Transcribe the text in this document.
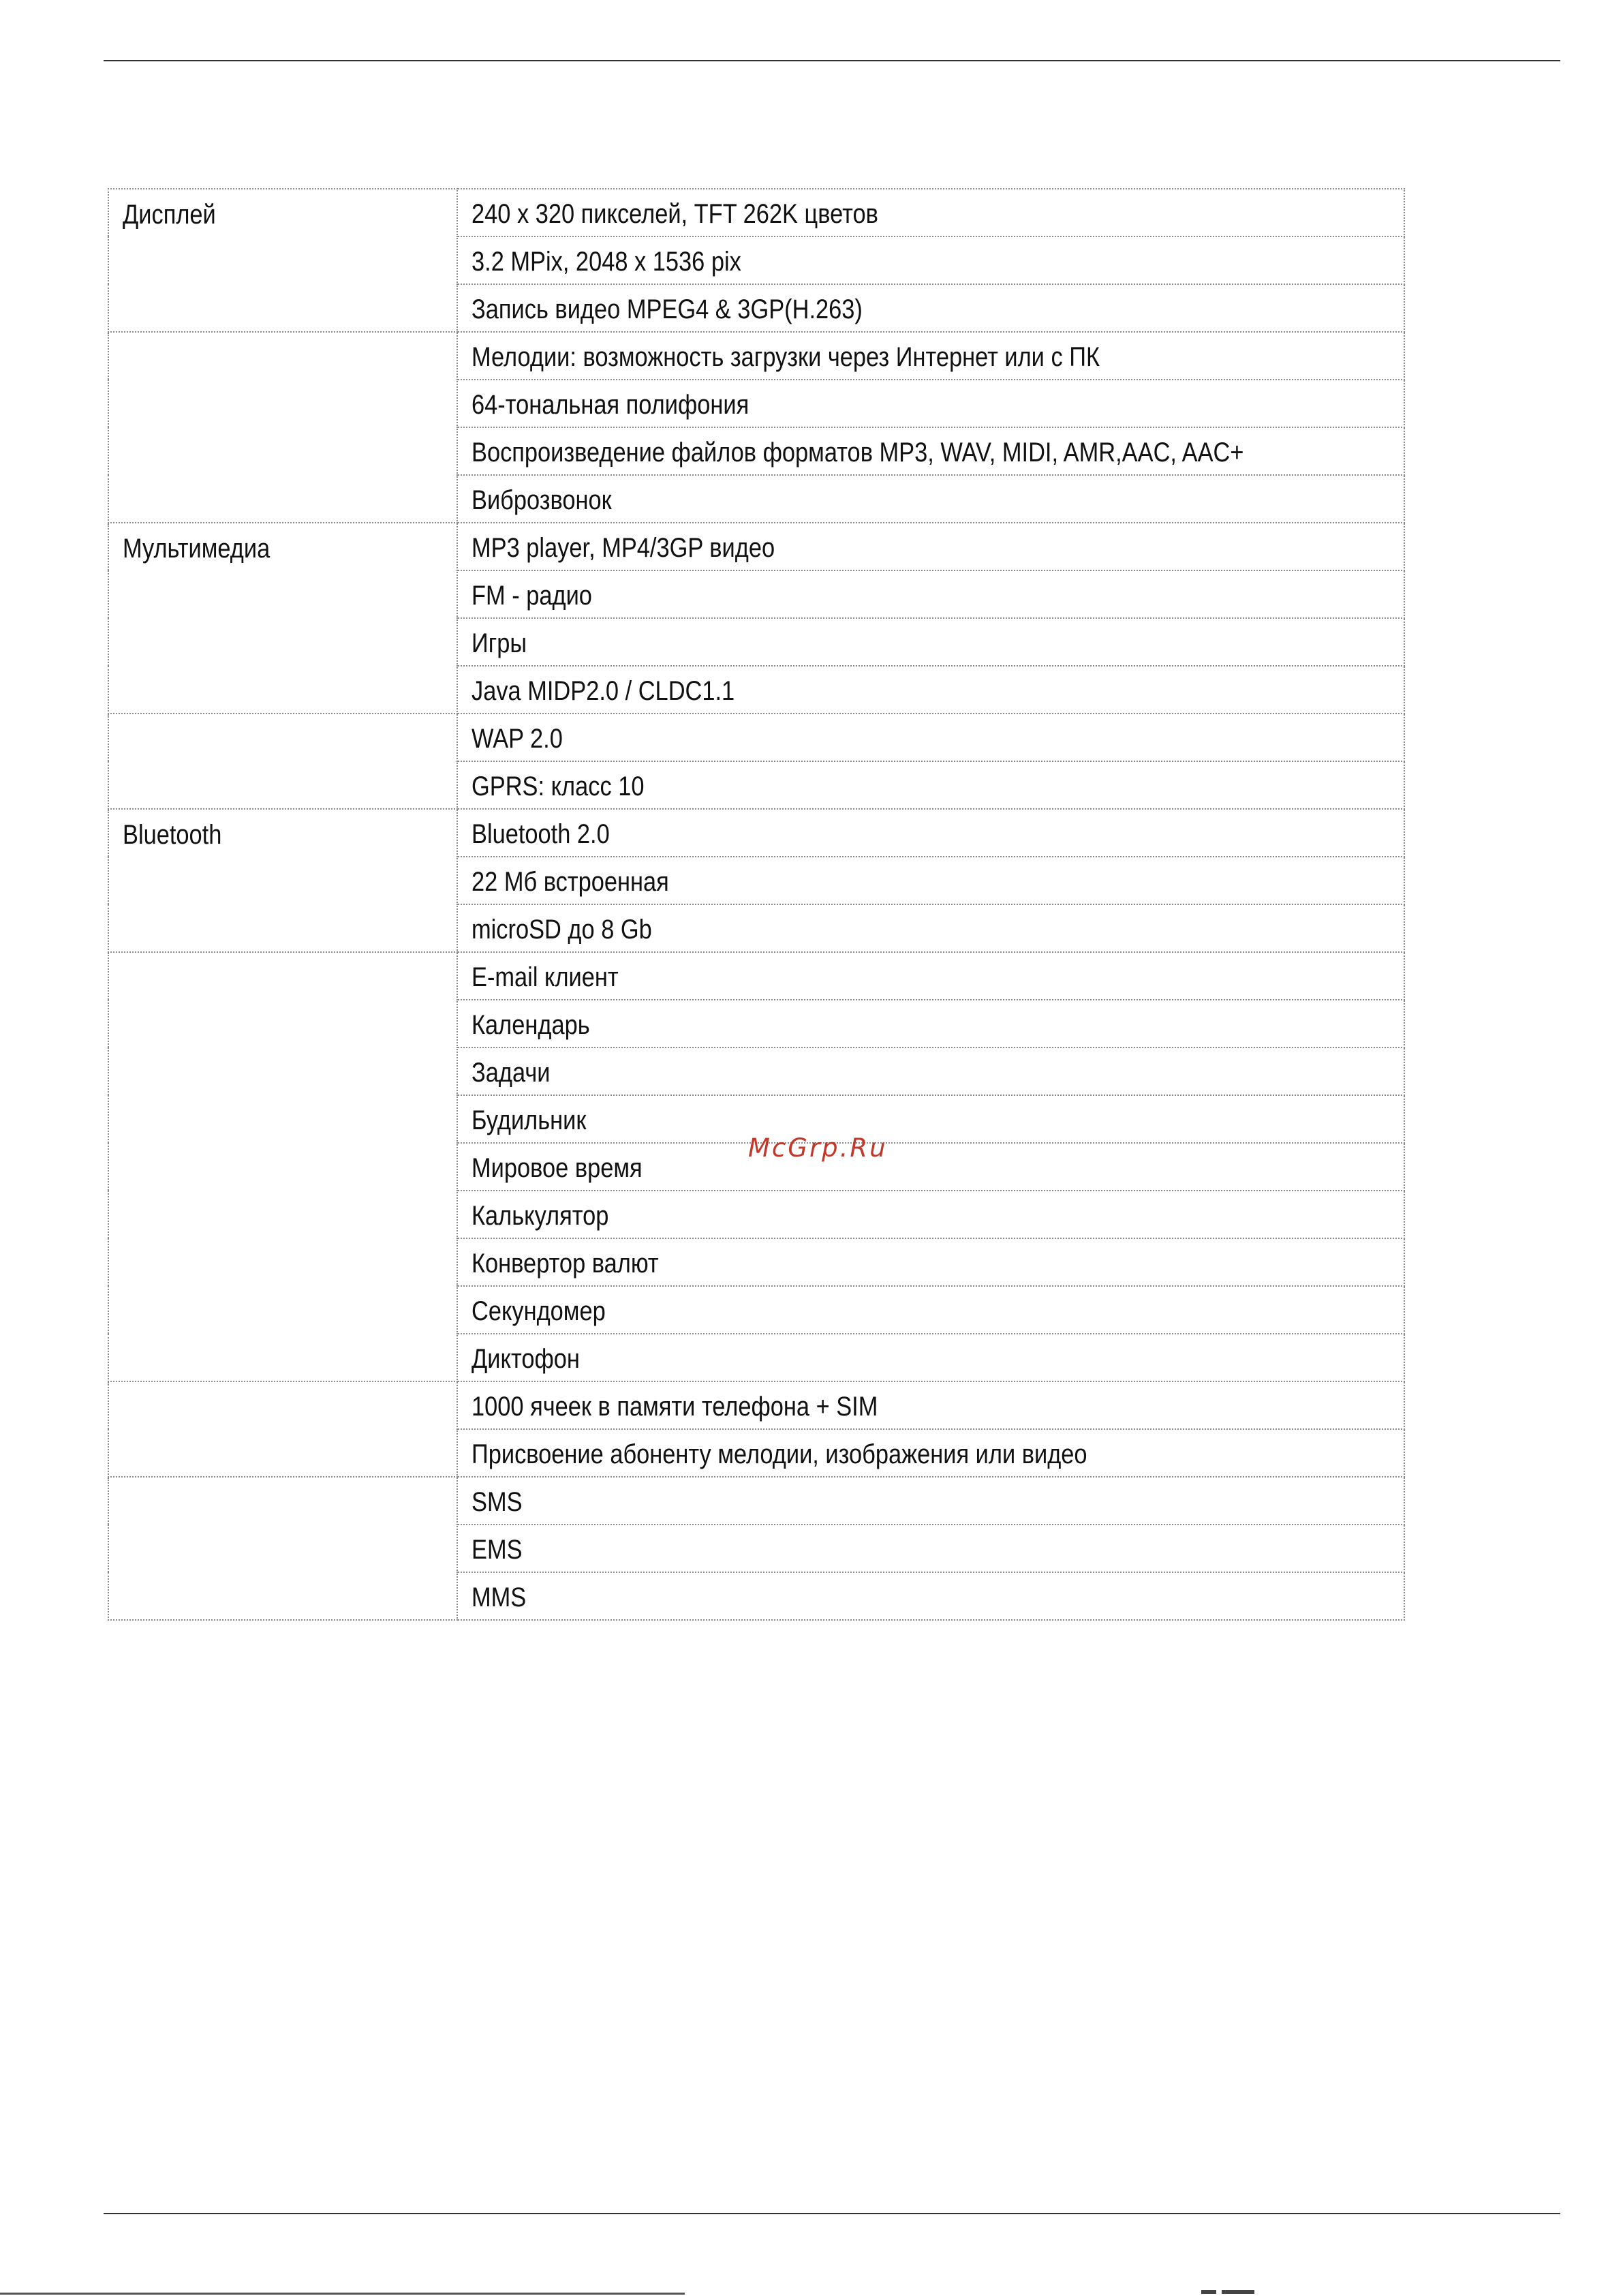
Дисплей	240 x 320 пикселей, TFT 262K цветов
	3.2 MPix, 2048 x 1536 pix
	Запись видео MPEG4 & 3GP(H.263)
	Мелодии: возможность загрузки через Интернет или с ПК
	64-тональная полифония
	Воспроизведение файлов форматов MP3, WAV, MIDI, AMR,AAC, AAC+
	Виброзвонок
Мультимедиа	MP3 player, MP4/3GP видео
	FM - радио
	Игры
	Java MIDP2.0 / CLDC1.1
	WAP 2.0
	GPRS: класс 10
Bluetooth	Bluetooth 2.0
	22 Мб встроенная
	microSD до 8 Gb
	E-mail клиент
	Календарь
	Задачи
	Будильник
	Мировое время
	Калькулятор
	Конвертор валют
	Секундомер
	Диктофон
	1000 ячеек в памяти телефона + SIM
	Присвоение абоненту мелодии, изображения или видео
	SMS
	EMS
	MMS
McGrp.Ru
